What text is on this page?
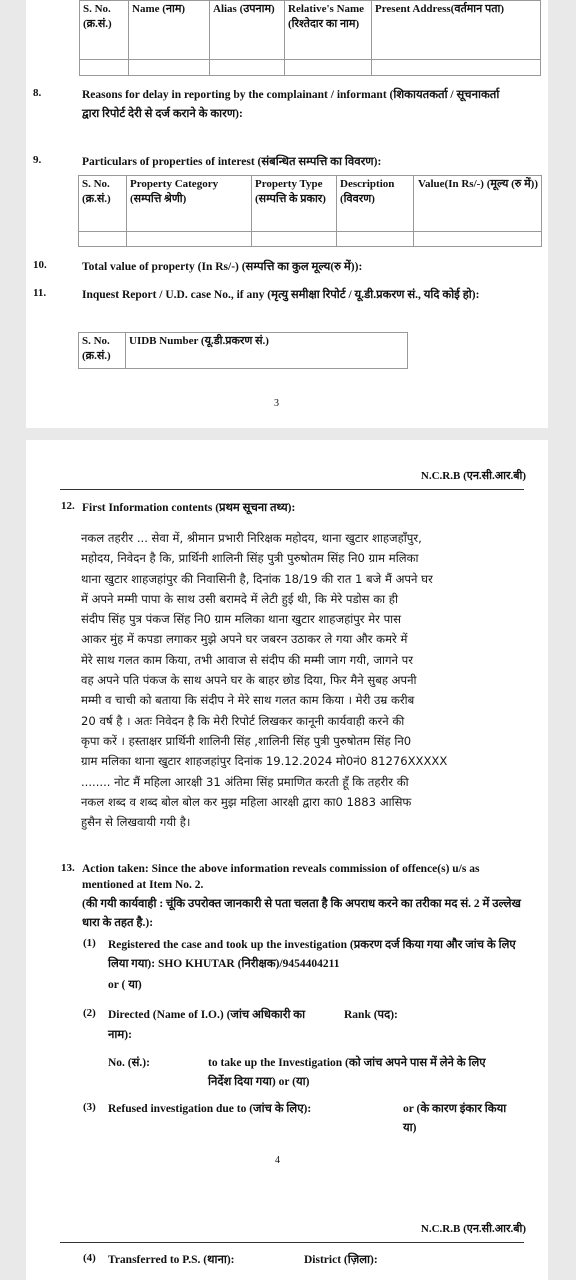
S. No. (क्र.सं.)	Name (नाम)	Alias (उपनाम)	Relative's Name (रिश्तेदार का नाम)	Present Address(वर्तमान पता)

8.	Reasons for delay in reporting by the complainant / informant (शिकायतकर्ता / सूचनाकर्ता द्वारा रिपोर्ट देरी से दर्ज कराने के कारण):
9.	Particulars of properties of interest (संबन्धित सम्पत्ति का विवरण):
S. No. (क्र.सं.)	Property Category (सम्पत्ति श्रेणी)	Property Type (सम्पत्ति के प्रकार)	Description (विवरण)	Value(In Rs/-) (मूल्य (रु में))

10.	Total value of property (In Rs/-) (सम्पत्ति का कुल मूल्य(रु में)):
11.	Inquest Report / U.D. case No., if any (मृत्यु समीक्षा रिपोर्ट / यू.डी.प्रकरण सं., यदि कोई हो):
S. No. (क्र.सं.)	UIDB Number (यू.डी.प्रकरण सं.)
3
N.C.R.B (एन.सी.आर.बी)
12. First Information contents (प्रथम सूचना तथ्य):
नकल तहरीर ... सेवा में, श्रीमान प्रभारी निरिक्षक महोदय, थाना खुटार शाहजहाँपुर,
महोदय, निवेदन है कि, प्रार्थिनी शालिनी सिंह पुत्री पुरुषोतम सिंह नि0 ग्राम मलिका
थाना खुटार शाहजहांपुर की निवासिनी है, दिनांक 18/19 की रात 1 बजे मैं अपने घर
में अपने मम्मी पापा के साथ उसी बरामदे में लेटी हुई थी, कि मेरे पडोस का ही
संदीप सिंह पुत्र पंकज सिंह नि0 ग्राम मलिका थाना खुटार शाहजहांपुर मेर पास
आकर मुंह में कपडा लगाकर मुझे अपने घर जबरन उठाकर ले गया और कमरे में
मेरे साथ गलत काम किया, तभी आवाज से संदीप की मम्मी जाग गयी, जागने पर
वह अपने पति पंकज के साथ अपने घर के बाहर छोड दिया, फिर मैने सुबह अपनी
मम्मी व चाची को बताया कि संदीप ने मेरे साथ गलत काम किया । मेरी उम्र करीब
20 वर्ष है । अतः निवेदन है कि मेरी रिपोर्ट लिखकर कानूनी कार्यवाही करने की
कृपा करें । हस्ताक्षर प्रार्थिनी शालिनी सिंह ,शालिनी सिंह पुत्री पुरुषोतम सिंह नि0
ग्राम मलिका थाना खुटार शाहजहांपुर दिनांक 19.12.2024 मो0नं0 81276XXXXX
........ नोट मैं महिला आरक्षी 31 अंतिमा सिंह प्रमाणित करती हूँ कि तहरीर की
नकल शब्द व शब्द बोल बोल कर मुझ महिला आरक्षी द्वारा का0 1883 आसिफ
हुसैन से लिखवायी गयी है।
13. Action taken: Since the above information reveals commission of offence(s) u/s as mentioned at Item No. 2.
(की गयी कार्यवाही : चूंकि उपरोक्त जानकारी से पता चलता है कि अपराध करने का तरीका मद सं. 2 में उल्लेख धारा के तहत है.):
(1) Registered the case and took up the investigation (प्रकरण दर्ज किया गया और जांच के लिए लिया गया): SHO KHUTAR (निरीक्षक)/9454404211
or ( या)
(2) Directed (Name of I.O.) (जांच अधिकारी का	Rank (पद):
नाम):
No. (सं.):	to take up the Investigation (को जांच अपने पास में लेने के लिए निर्देश दिया गया) or (या)
(3) Refused investigation due to (जांच के लिए):	or (के कारण इंकार किया या)
4
N.C.R.B (एन.सी.आर.बी)
(4) Transferred to P.S. (थाना):	District (ज़िला):
